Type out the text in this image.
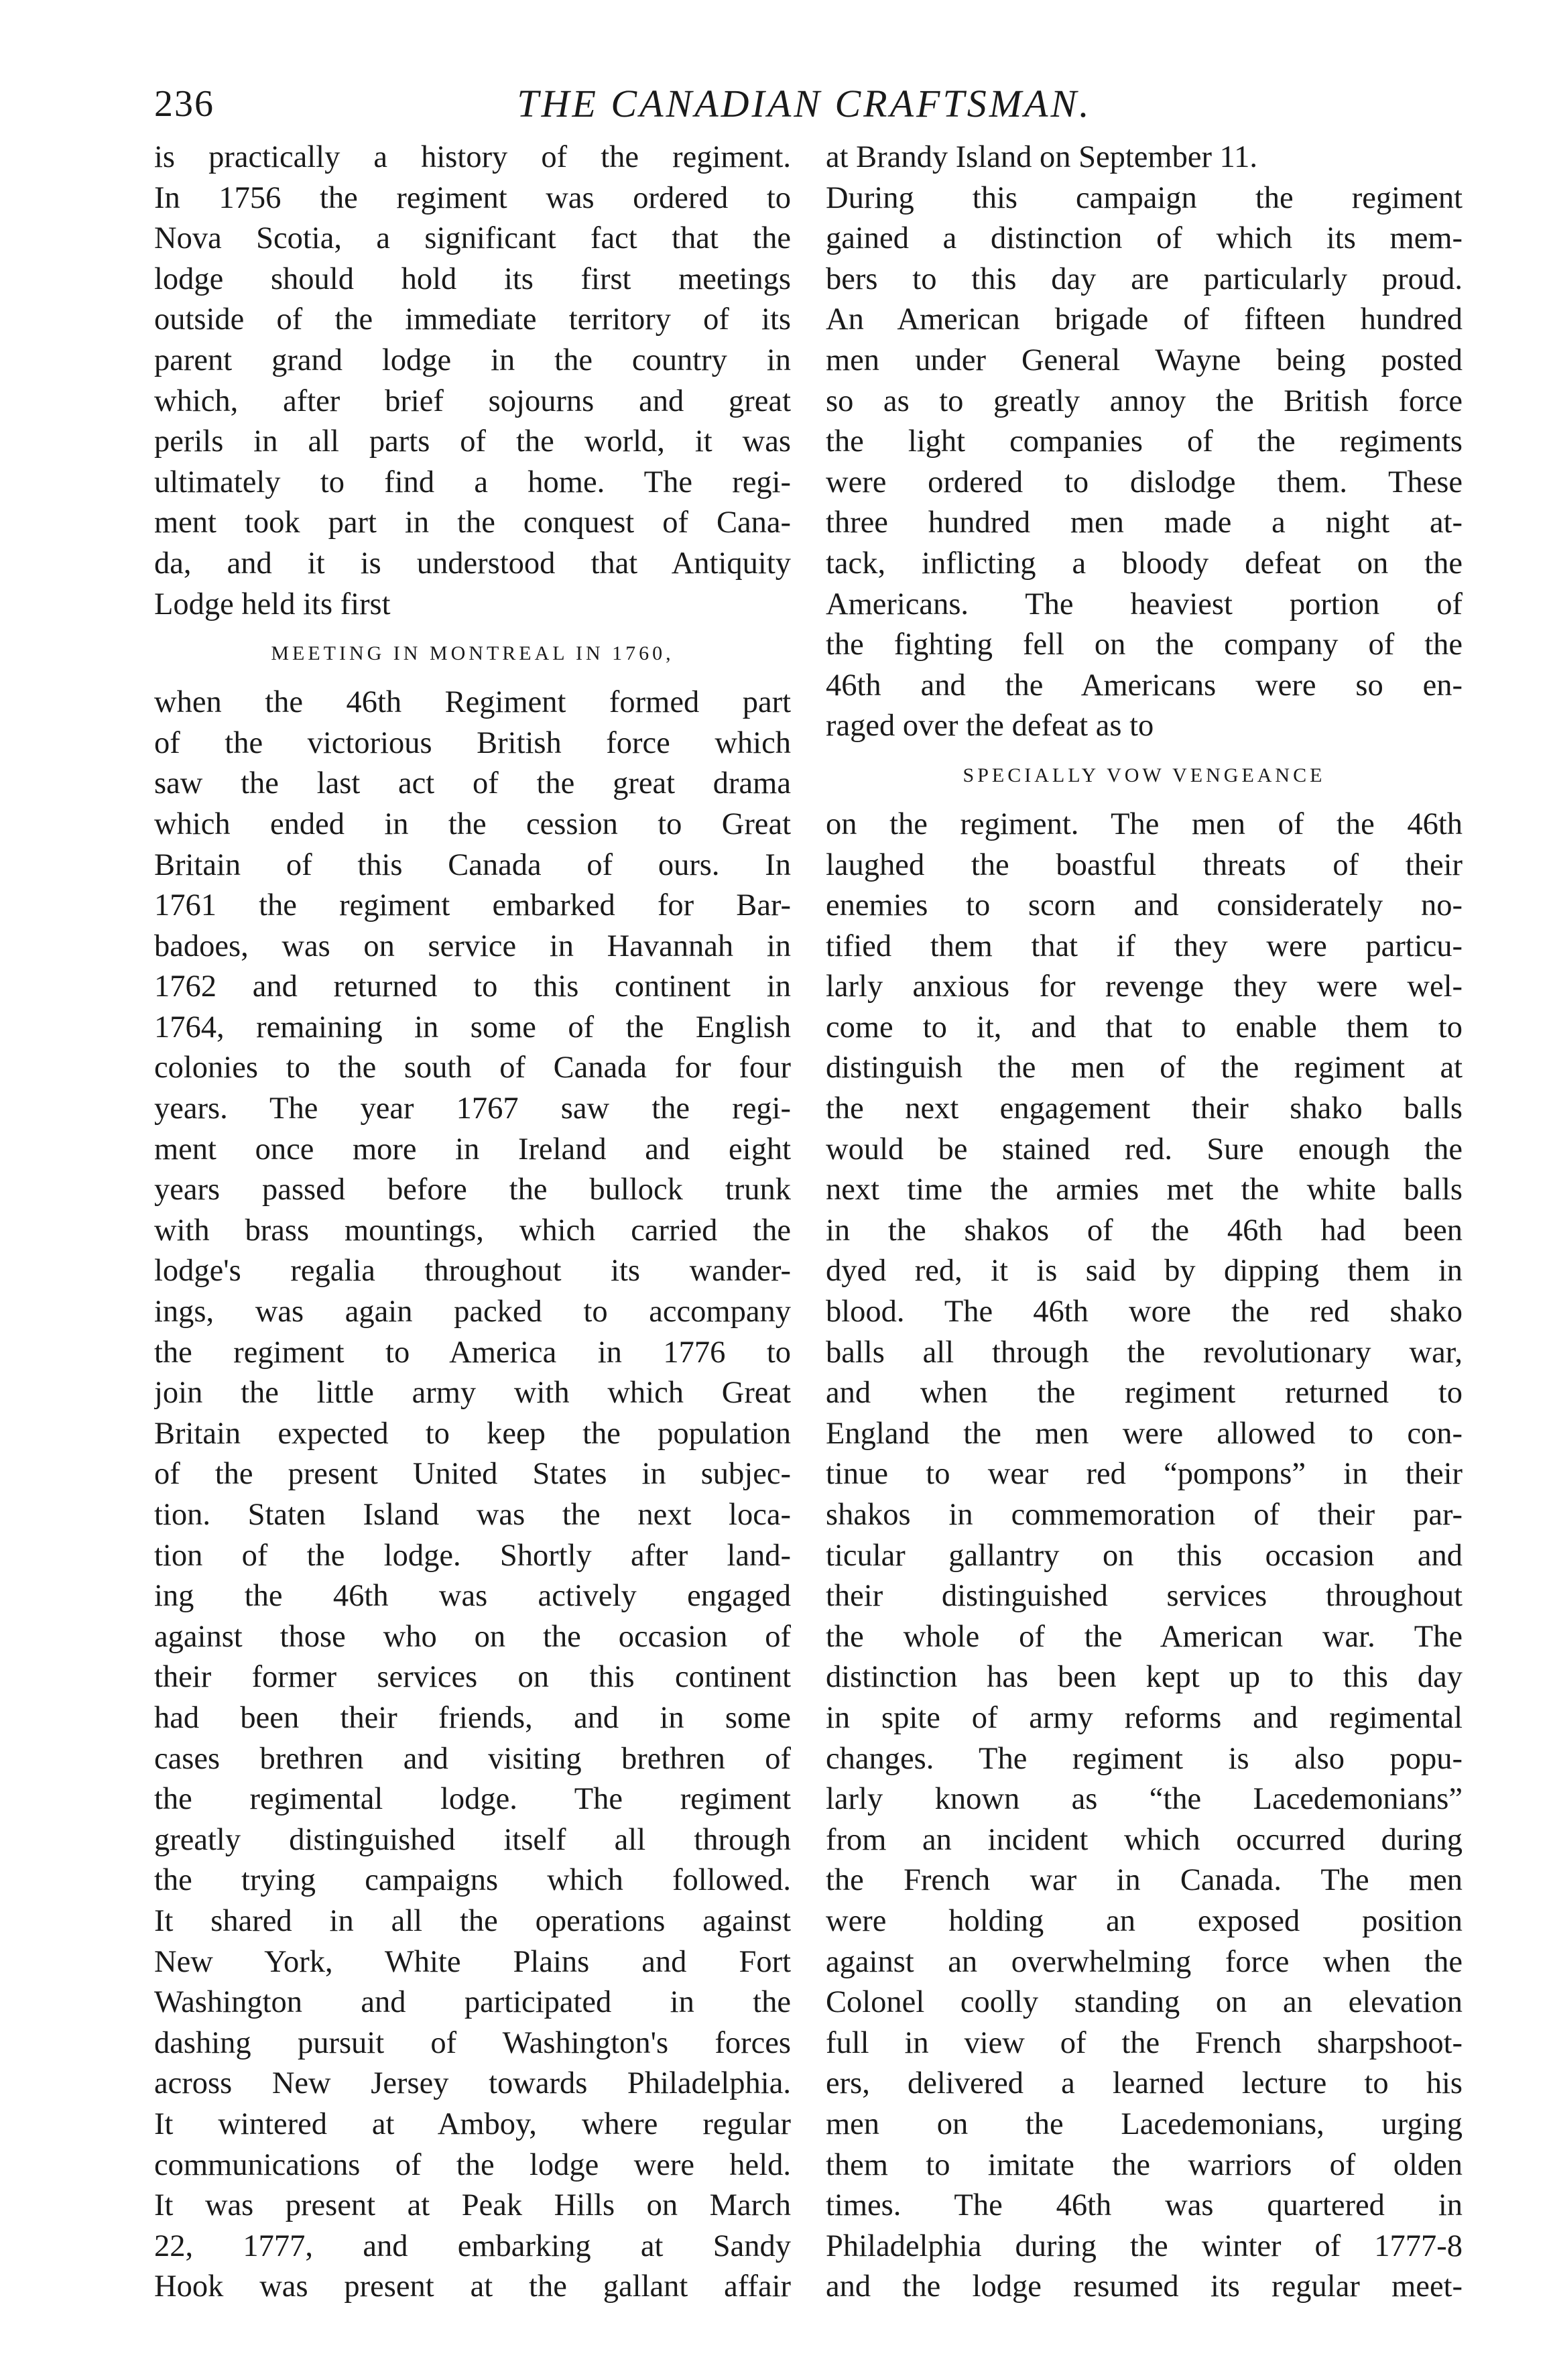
236	THE CANADIAN CRAFTSMAN.
is practically a history of the regiment.
In 1756 the regiment was ordered to
Nova Scotia, a significant fact that the
lodge should hold its first meetings
outside of the immediate territory of its
parent grand lodge in the country in
which, after brief sojourns and great
perils in all parts of the world, it was
ultimately to find a home. The regi-
ment took part in the conquest of Cana-
da, and it is understood that Antiquity
Lodge held its first
MEETING IN MONTREAL IN 1760,
when the 46th Regiment formed part
of the victorious British force which
saw the last act of the great drama
which ended in the cession to Great
Britain of this Canada of ours. In
1761 the regiment embarked for Bar-
badoes, was on service in Havannah in
1762 and returned to this continent in
1764, remaining in some of the English
colonies to the south of Canada for four
years. The year 1767 saw the regi-
ment once more in Ireland and eight
years passed before the bullock trunk
with brass mountings, which carried the
lodge's regalia throughout its wander-
ings, was again packed to accompany
the regiment to America in 1776 to
join the little army with which Great
Britain expected to keep the population
of the present United States in subjec-
tion. Staten Island was the next loca-
tion of the lodge. Shortly after land-
ing the 46th was actively engaged
against those who on the occasion of
their former services on this continent
had been their friends, and in some
cases brethren and visiting brethren of
the regimental lodge. The regiment
greatly distinguished itself all through
the trying campaigns which followed.
It shared in all the operations against
New York, White Plains and Fort
Washington and participated in the
dashing pursuit of Washington's forces
across New Jersey towards Philadelphia.
It wintered at Amboy, where regular
communications of the lodge were held.
It was present at Peak Hills on March
22, 1777, and embarking at Sandy
Hook was present at the gallant affair
at Brandy Island on September 11.
During this campaign the regiment
gained a distinction of which its mem-
bers to this day are particularly proud.
An American brigade of fifteen hundred
men under General Wayne being posted
so as to greatly annoy the British force
the light companies of the regiments
were ordered to dislodge them. These
three hundred men made a night at-
tack, inflicting a bloody defeat on the
Americans. The heaviest portion of
the fighting fell on the company of the
46th and the Americans were so en-
raged over the defeat as to
SPECIALLY VOW VENGEANCE
on the regiment. The men of the 46th
laughed the boastful threats of their
enemies to scorn and considerately no-
tified them that if they were particu-
larly anxious for revenge they were wel-
come to it, and that to enable them to
distinguish the men of the regiment at
the next engagement their shako balls
would be stained red. Sure enough the
next time the armies met the white balls
in the shakos of the 46th had been
dyed red, it is said by dipping them in
blood. The 46th wore the red shako
balls all through the revolutionary war,
and when the regiment returned to
England the men were allowed to con-
tinue to wear red “pompons” in their
shakos in commemoration of their par-
ticular gallantry on this occasion and
their distinguished services throughout
the whole of the American war. The
distinction has been kept up to this day
in spite of army reforms and regimental
changes. The regiment is also popu-
larly known as “the Lacedemonians”
from an incident which occurred during
the French war in Canada. The men
were holding an exposed position
against an overwhelming force when the
Colonel coolly standing on an elevation
full in view of the French sharpshoot-
ers, delivered a learned lecture to his
men on the Lacedemonians, urging
them to imitate the warriors of olden
times. The 46th was quartered in
Philadelphia during the winter of 1777-8
and the lodge resumed its regular meet-
